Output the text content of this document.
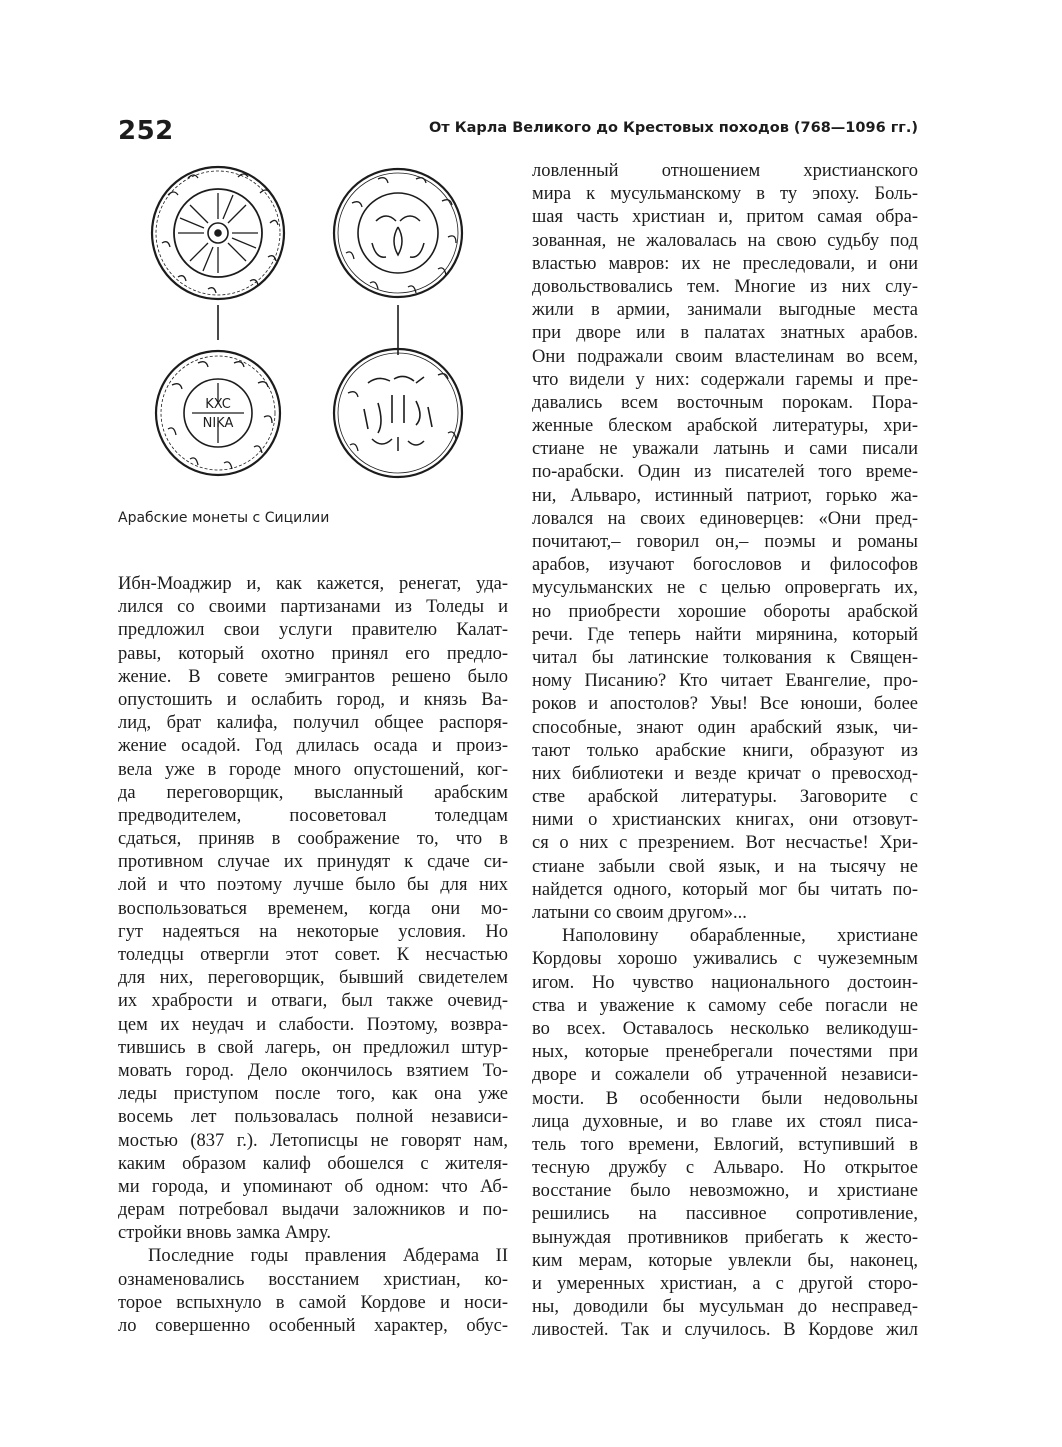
252	От Карла Великого до Крестовых походов (768—1096 гг.)
KXC
NIKA
Арабские монеты с Сицилии
Ибн-Моаджир и, как кажется, ренегат, уда-
лился со своими партизанами из Толеды и
предложил свои услуги правителю Калат-
равы, который охотно принял его предло-
жение. В совете эмигрантов решено было
опустошить и ослабить город, и князь Ва-
лид, брат калифа, получил общее распоря-
жение осадой. Год длилась осада и произ-
вела уже в городе много опустошений, ког-
да переговорщик, высланный арабским
предводителем, посоветовал толедцам
сдаться, приняв в соображение то, что в
противном случае их принудят к сдаче си-
лой и что поэтому лучше было бы для них
воспользоваться временем, когда они мо-
гут надеяться на некоторые условия. Но
толедцы отвергли этот совет. К несчастью
для них, переговорщик, бывший свидетелем
их храбрости и отваги, был также очевид-
цем их неудач и слабости. Поэтому, возвра-
тившись в свой лагерь, он предложил штур-
мовать город. Дело окончилось взятием То-
леды приступом после того, как она уже
восемь лет пользовалась полной независи-
мостью (837 г.). Летописцы не говорят нам,
каким образом калиф обошелся с жителя-
ми города, и упоминают об одном: что Аб-
дерам потребовал выдачи заложников и по-
стройки вновь замка Амру.
Последние годы правления Абдерама II
ознаменовались восстанием христиан, ко-
торое вспыхнуло в самой Кордове и носи-
ло совершенно особенный характер, обус-
ловленный отношением христианского
мира к мусульманскому в ту эпоху. Боль-
шая часть христиан и, притом самая обра-
зованная, не жаловалась на свою судьбу под
властью мавров: их не преследовали, и они
довольствовались тем. Многие из них слу-
жили в армии, занимали выгодные места
при дворе или в палатах знатных арабов.
Они подражали своим властелинам во всем,
что видели у них: содержали гаремы и пре-
давались всем восточным порокам. Пора-
женные блеском арабской литературы, хри-
стиане не уважали латынь и сами писали
по-арабски. Один из писателей того време-
ни, Альваро, истинный патриот, горько жа-
ловался на своих единоверцев: «Они пред-
почитают,– говорил он,– поэмы и романы
арабов, изучают богословов и философов
мусульманских не с целью опровергать их,
но приобрести хорошие обороты арабской
речи. Где теперь найти мирянина, который
читал бы латинские толкования к Священ-
ному Писанию? Кто читает Евангелие, про-
роков и апостолов? Увы! Все юноши, более
способные, знают один арабский язык, чи-
тают только арабские книги, образуют из
них библиотеки и везде кричат о превосход-
стве арабской литературы. Заговорите с
ними о христианских книгах, они отзовут-
ся о них с презрением. Вот несчастье! Хри-
стиане забыли свой язык, и на тысячу не
найдется одного, который мог бы читать по-
латыни со своим другом»...
Наполовину обарабленные, христиане
Кордовы хорошо уживались с чужеземным
игом. Но чувство национального достоин-
ства и уважение к самому себе погасли не
во всех. Оставалось несколько великодуш-
ных, которые пренебрегали почестями при
дворе и сожалели об утраченной независи-
мости. В особенности были недовольны
лица духовные, и во главе их стоял писа-
тель того времени, Евлогий, вступивший в
тесную дружбу с Альваро. Но открытое
восстание было невозможно, и христиане
решились на пассивное сопротивление,
вынуждая противников прибегать к жесто-
ким мерам, которые увлекли бы, наконец,
и умеренных христиан, а с другой сторо-
ны, доводили бы мусульман до несправед-
ливостей. Так и случилось. В Кордове жил
